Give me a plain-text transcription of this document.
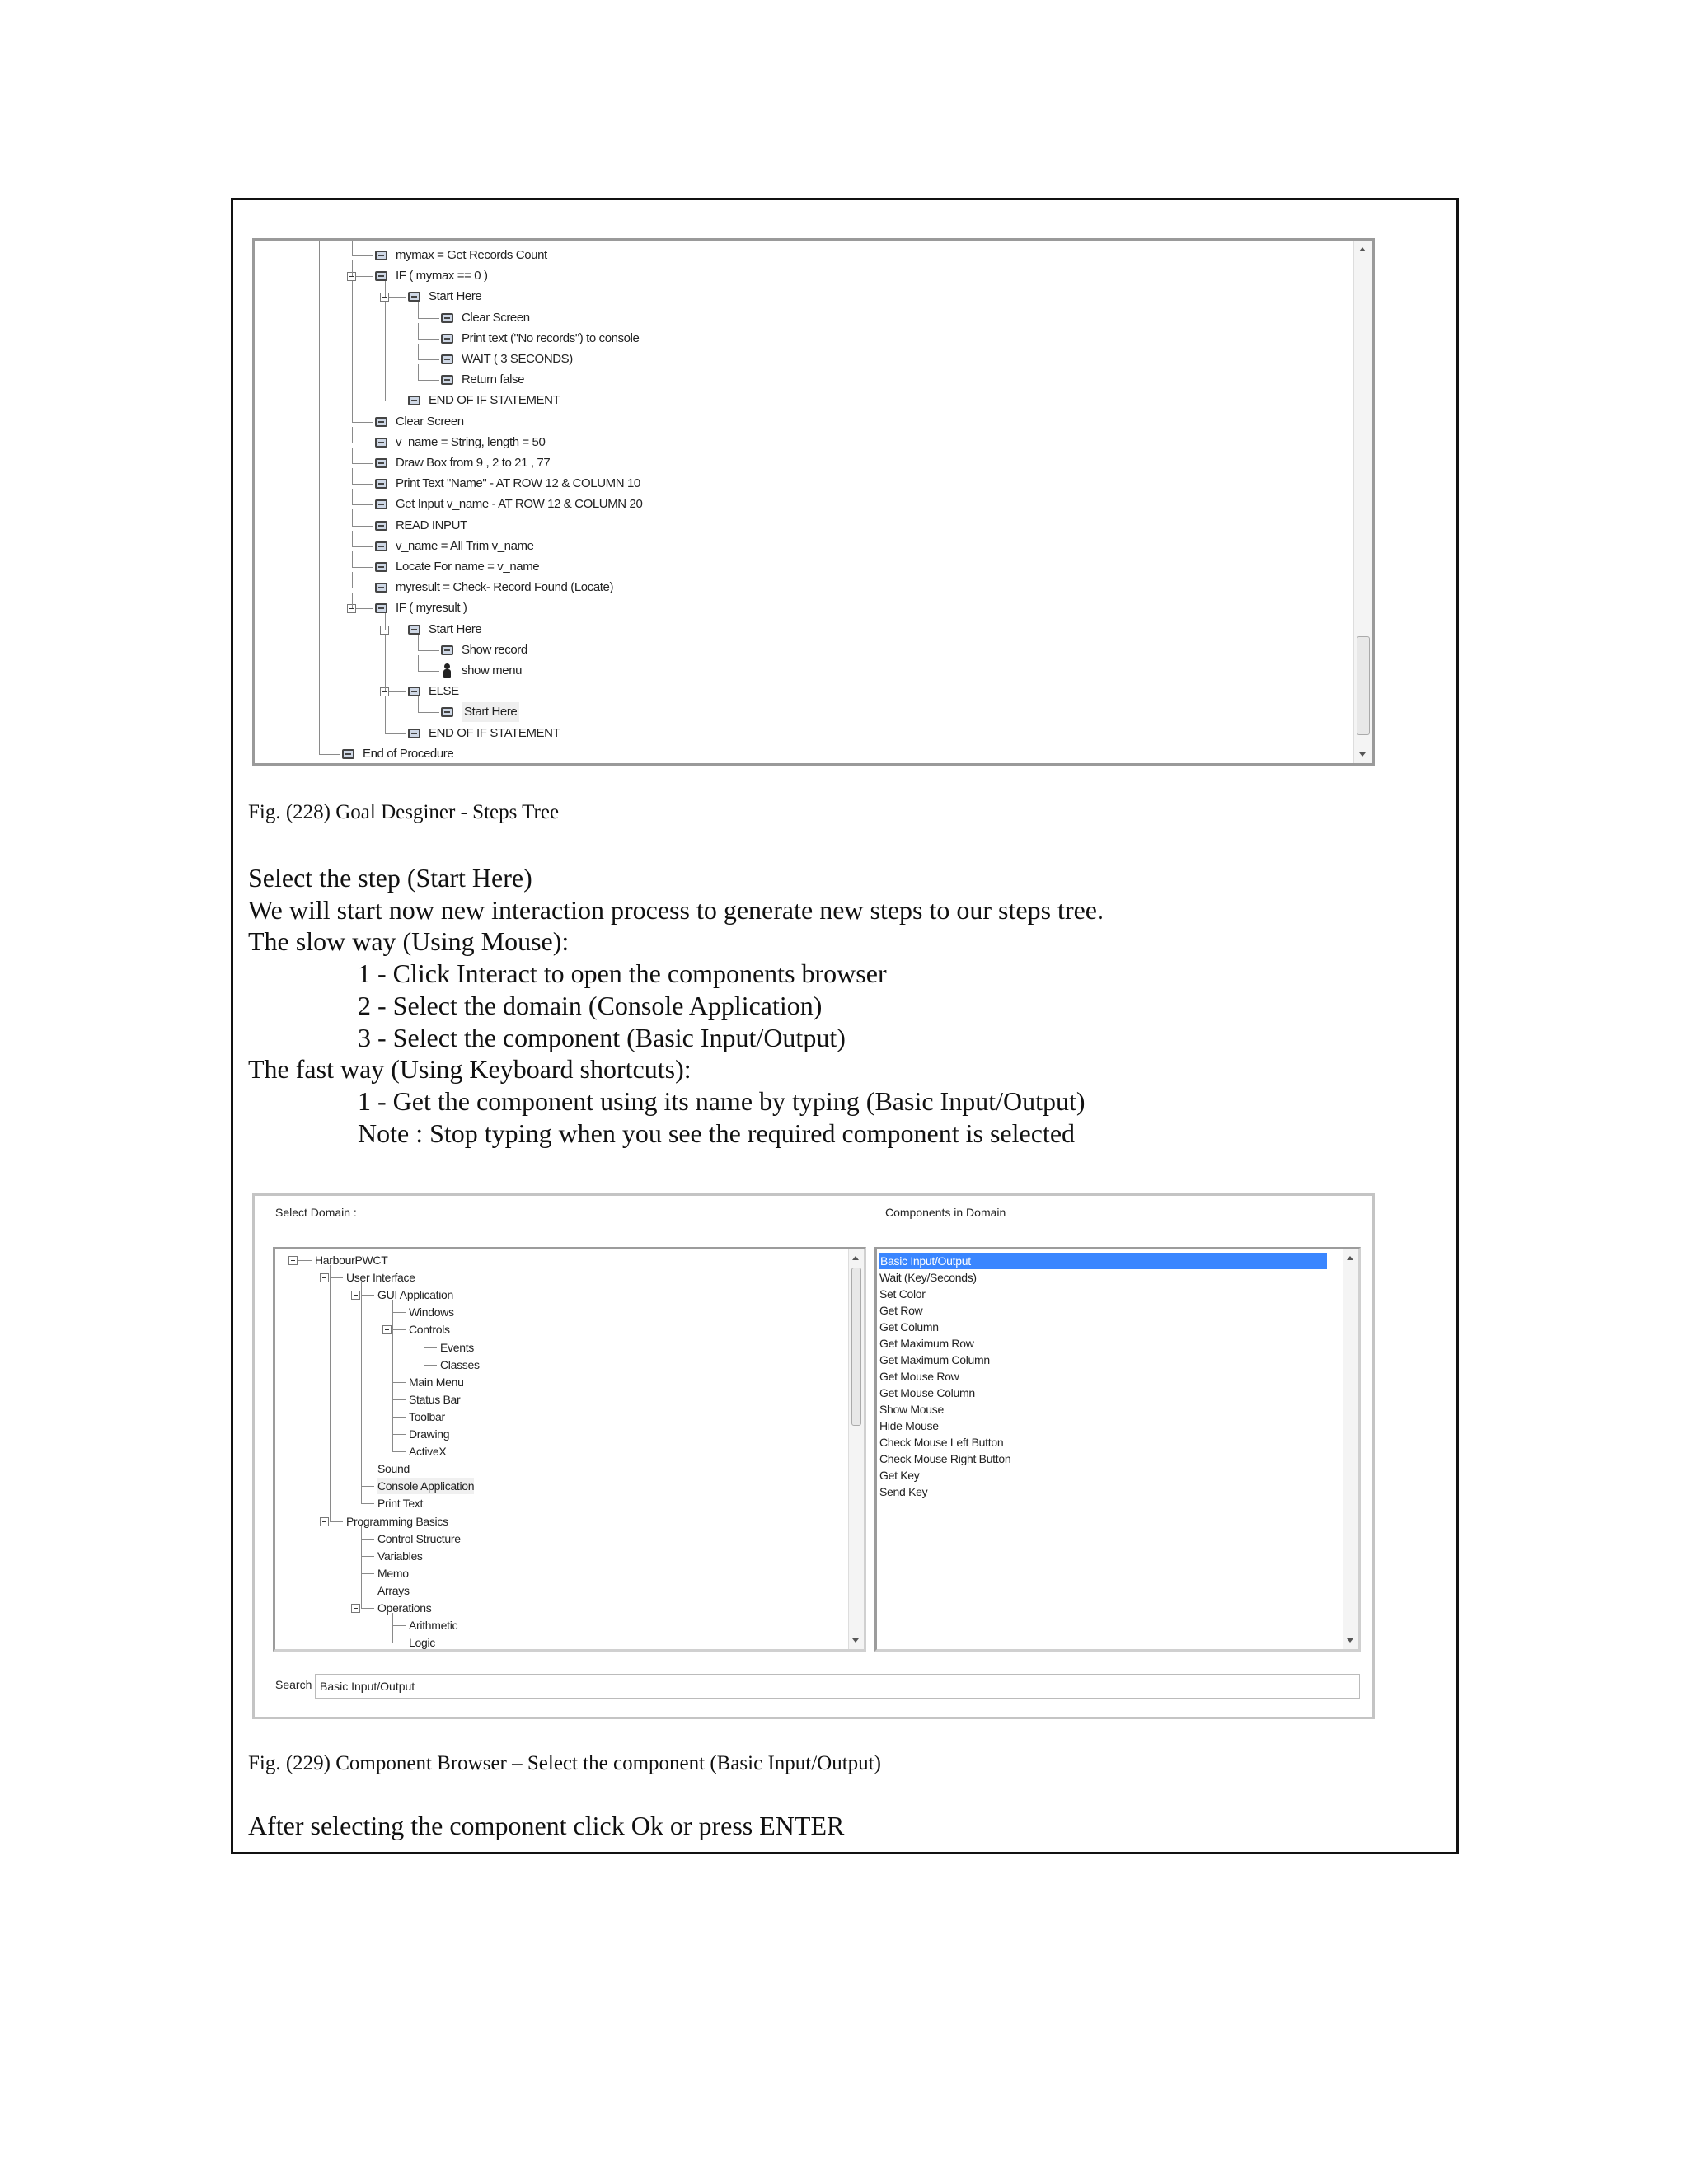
mymax = Get Records Count
IF ( mymax == 0 )
Start Here
Clear Screen
Print text ("No records") to console
WAIT ( 3 SECONDS)
Return false
END OF IF STATEMENT
Clear Screen
v_name = String, length = 50
Draw Box from 9 , 2 to 21 , 77
Print Text "Name" - AT ROW 12 & COLUMN 10
Get Input v_name - AT ROW 12 & COLUMN 20
READ INPUT
v_name = All Trim v_name
Locate For name = v_name
myresult = Check- Record Found (Locate)
IF ( myresult )
Start Here
Show record
show menu
ELSE
Start Here
END OF IF STATEMENT
End of Procedure
Fig. (228) Goal Desginer - Steps Tree
Select the step (Start Here)
We will start now new interaction process to generate new steps to our steps tree.
The slow way (Using Mouse):
1 - Click Interact to open the components browser
2 - Select the domain (Console Application)
3 - Select the component (Basic Input/Output)
The fast way (Using Keyboard shortcuts):
1 - Get the component using its name by typing (Basic Input/Output)
Note : Stop typing when you see the required component is selected
Select Domain :	Components in Domain
HarbourPWCT
User Interface
GUI Application
Windows
Controls
Events
Classes
Main Menu
Status Bar
Toolbar
Drawing
ActiveX
Sound
Console Application
Print Text
Programming Basics
Control Structure
Variables
Memo
Arrays
Operations
Arithmetic
Logic
Basic Input/Output
Wait (Key/Seconds)
Set Color
Get Row
Get Column
Get Maximum Row
Get Maximum Column
Get Mouse Row
Get Mouse Column
Show Mouse
Hide Mouse
Check Mouse Left Button
Check Mouse Right Button
Get Key
Send Key
Search Basic Input/Output
Fig. (229) Component Browser – Select the component (Basic Input/Output)
After selecting the component click Ok or press ENTER
